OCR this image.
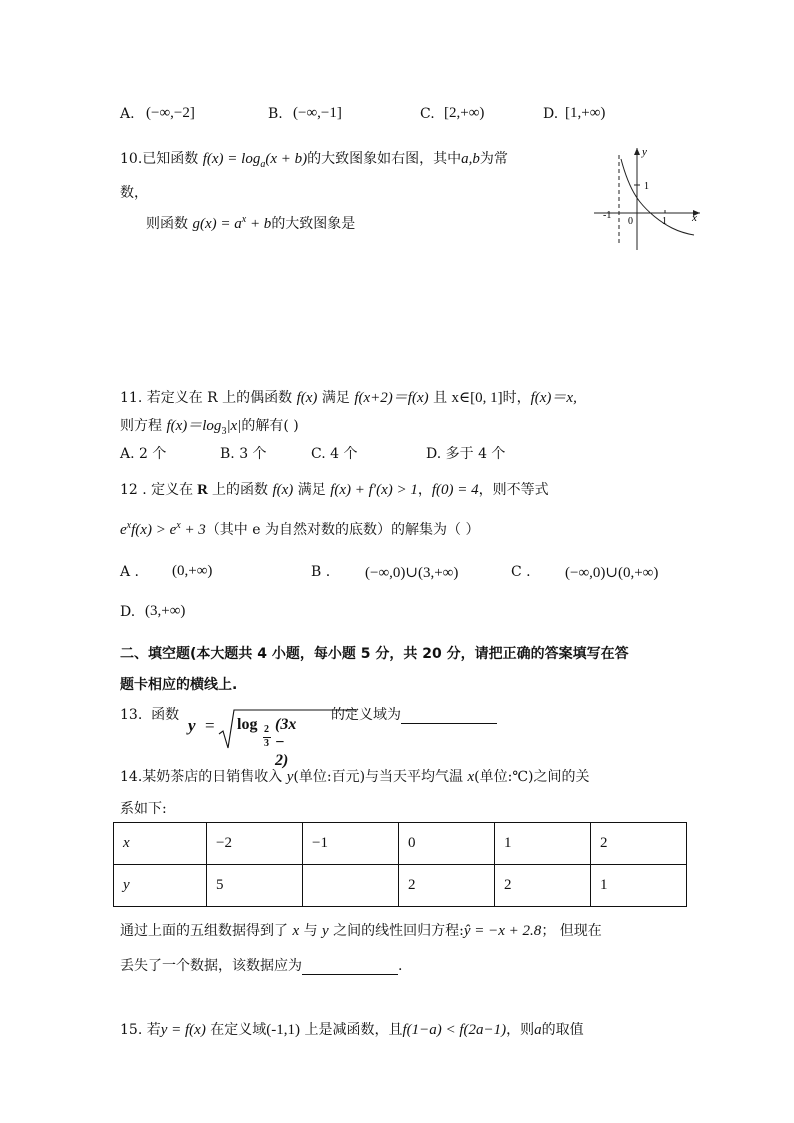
A. (−∞,−2]	B. (−∞,−1]	C. [2,+∞)	D. [1,+∞)
10.已知函数 $f(x) = \log_a(x + b)$的大致图象如右图，其中a,b为常
数，
则函数 $g(x) = a^x + b$的大致图象是
y
x
1
-1
0	1
11. 若定义在 R 上的偶函数 f(x) 满足 f(x+2)＝f(x) 且 x∈[0, 1]时，f(x)＝x,
则方程 $f(x)=\log_3|x|$的解有( )
A. 2 个	B. 3 个	C. 4 个	D. 多于 4 个
12 . 定义在 R 上的函数 f(x) 满足 f(x) + f′(x) > 1，f(0) = 4，则不等式
$e^xf(x) > e^x + 3$（其中 e 为自然对数的底数）的解集为（ ）
A . (0,+∞)	B . (−∞,0)∪(3,+∞)	C . (−∞,0)∪(0,+∞)
D. (3,+∞)
二、填空题(本大题共 4 小题，每小题 5 分，共 20 分，请把正确的答案填写在答
题卡相应的横线上.
13. 函数
y = log 2
3
(3x − 2)
的定义域为
14.某奶茶店的日销售收入 y(单位:百元)与当天平均气温 x(单位:℃)之间的关
系如下:
x	−2	−1	0	1	2
y	5		2	2	1
通过上面的五组数据得到了 x 与 y 之间的线性回归方程:ŷ = −x + 2.8； 但现在
丢失了一个数据，该数据应为	.
15. 若y = f(x) 在定义域(-1,1) 上是减函数，且f(1−a) < f(2a−1)，则a的取值
